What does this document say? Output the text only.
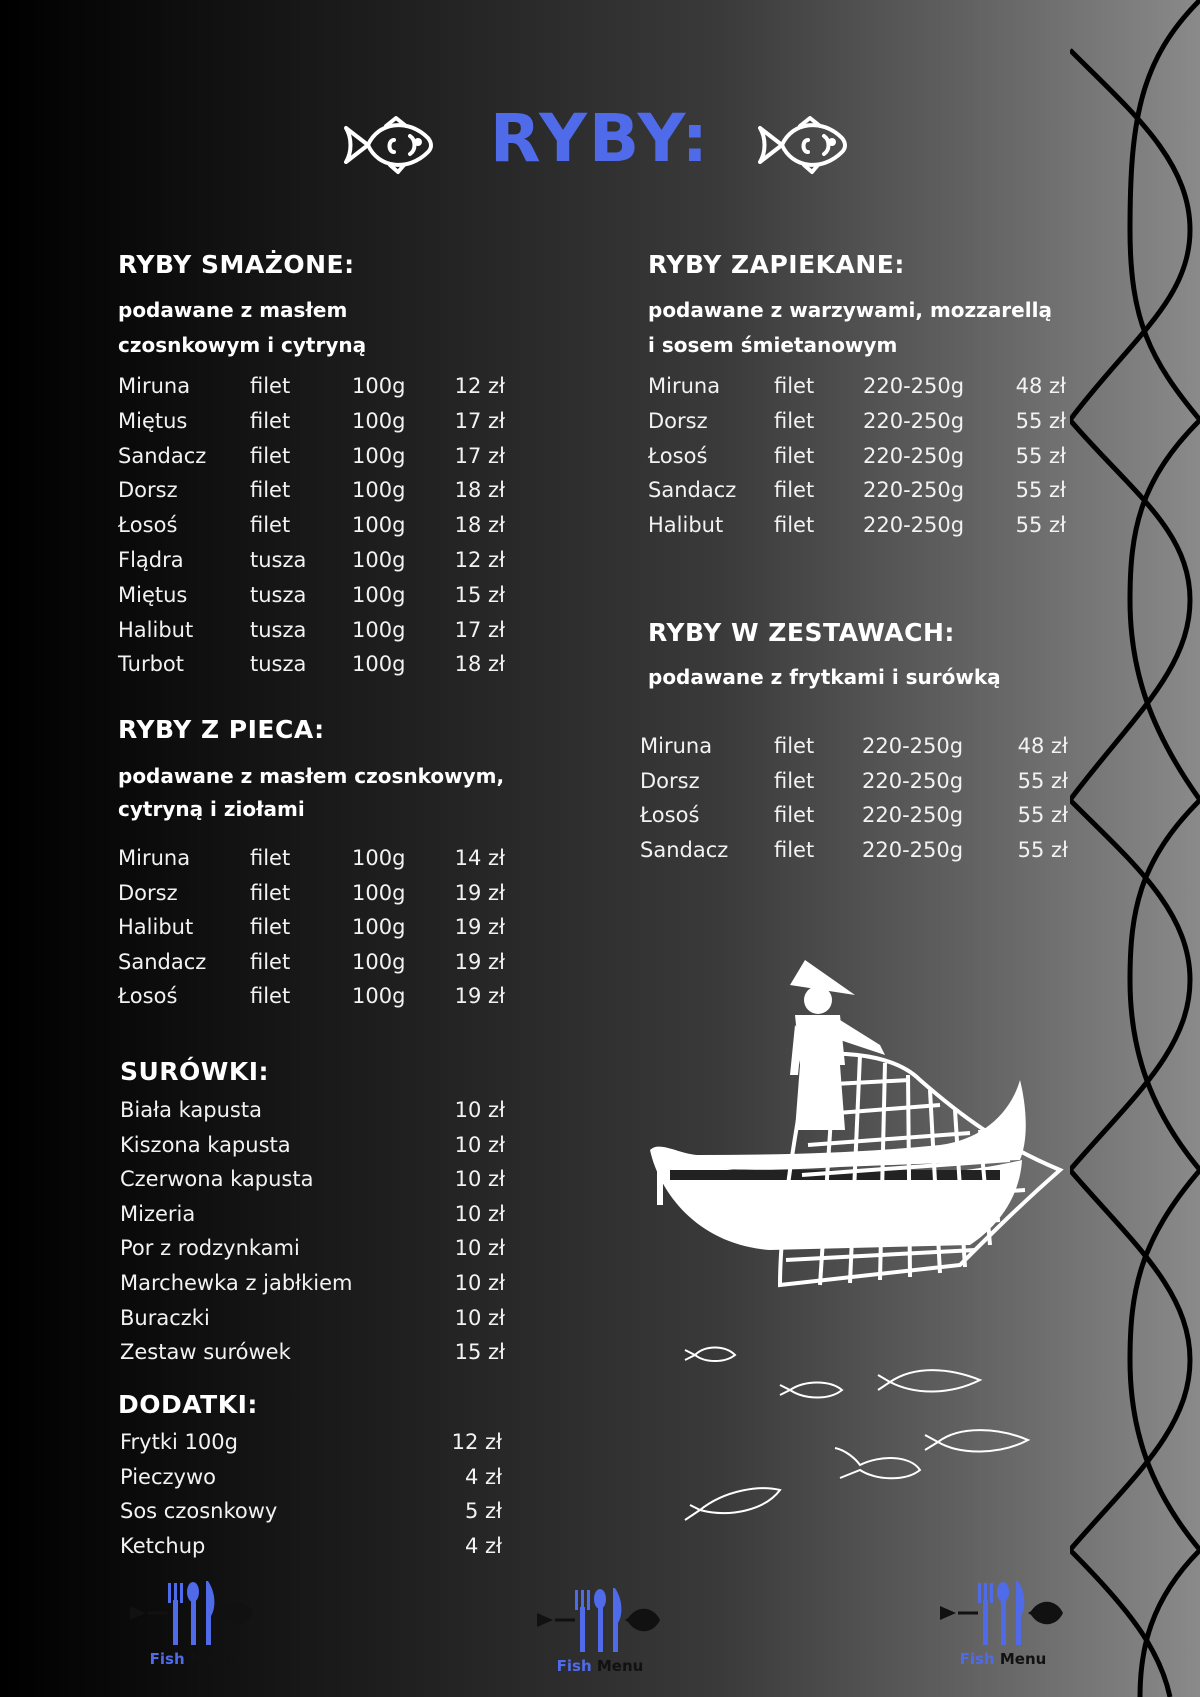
RYBY:
RYBY SMAŻONE:
podawane z masłem
czosnkowym i cytryną
Miruna	filet	100g	12 zł
Miętus	filet	100g	17 zł
Sandacz filet	100g	17 zł
Dorsz	filet	100g	18 zł
Łosoś	filet	100g	18 zł
Flądra	tusza 100g	12 zł
Miętus	tusza 100g	15 zł
Halibut	tusza 100g	17 zł
Turbot	tusza 100g	18 zł
RYBY Z PIECA:
podawane z masłem czosnkowym,
cytryną i ziołami
Miruna	filet	100g	14 zł
Dorsz	filet	100g	19 zł
Halibut	filet	100g	19 zł
Sandacz filet	100g	19 zł
Łosoś	filet	100g	19 zł
SURÓWKI:
Biała kapusta	10 zł
Kiszona kapusta	10 zł
Czerwona kapusta	10 zł
Mizeria	10 zł
Por z rodzynkami	10 zł
Marchewka z jabłkiem	10 zł
Buraczki	10 zł
Zestaw surówek	15 zł
DODATKI:
Frytki 100g	12 zł
Pieczywo	4 zł
Sos czosnkowy	5 zł
Ketchup	4 zł
RYBY ZAPIEKANE:
podawane z warzywami, mozzarellą
i sosem śmietanowym
Miruna	filet 220-250g	48 zł
Dorsz	filet 220-250g	55 zł
Łosoś	filet 220-250g	55 zł
Sandacz filet 220-250g	55 zł
Halibut filet 220-250g	55 zł
RYBY W ZESTAWACH:
podawane z frytkami i surówką
Miruna	filet 220-250g	48 zł
Dorsz	filet 220-250g	55 zł
Łosoś	filet 220-250g	55 zł
Sandacz filet 220-250g	55 zł
Fish Menu	Fish Menu	Fish Menu
